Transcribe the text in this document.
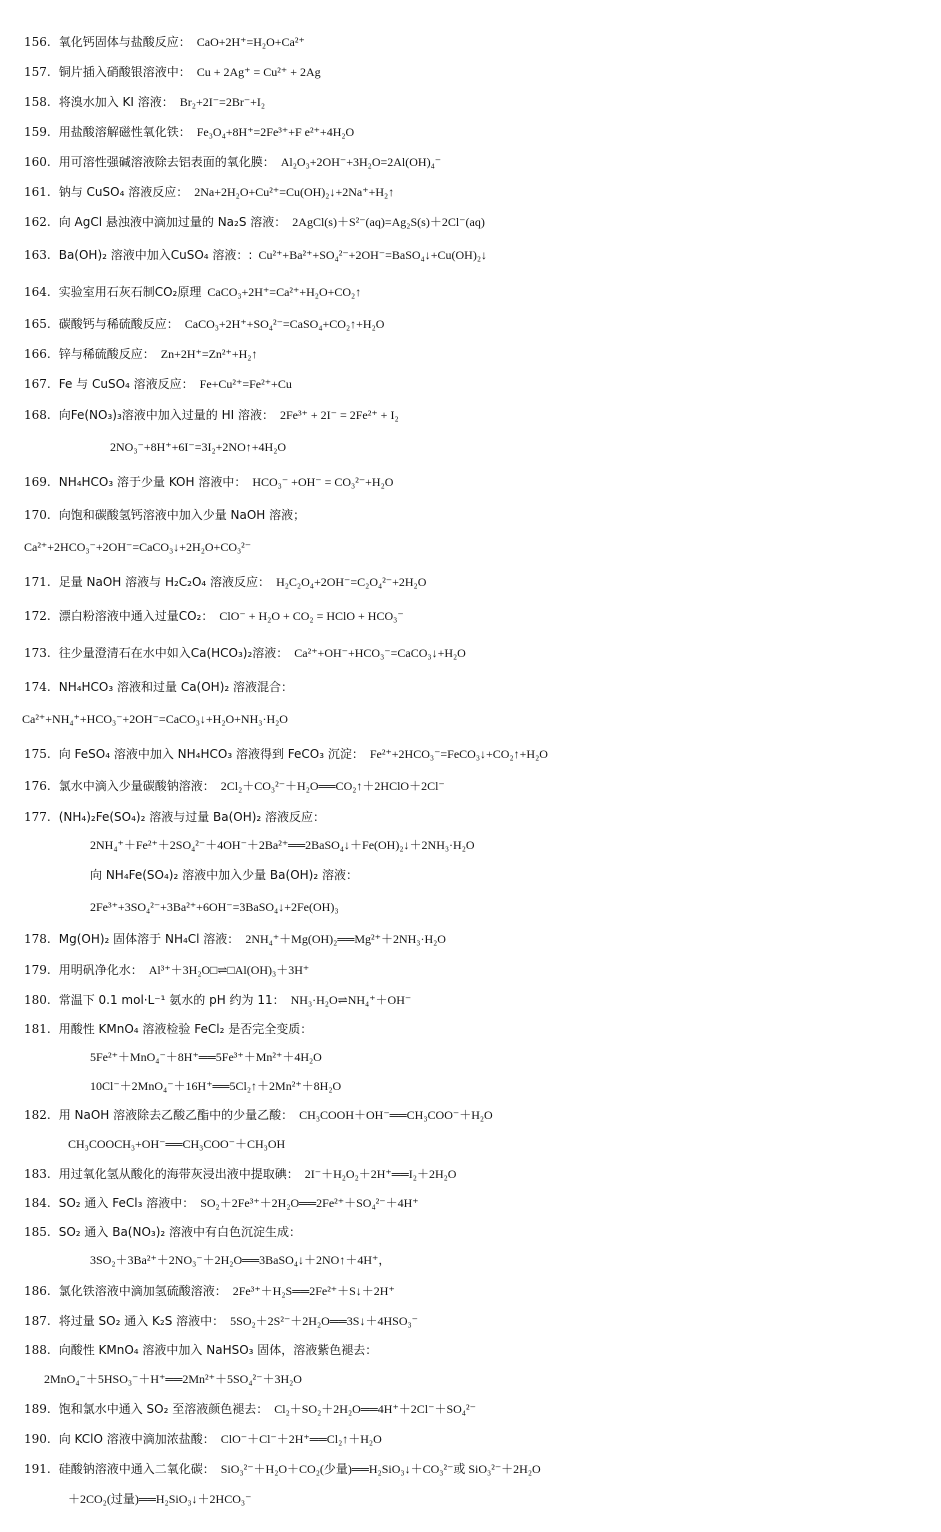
156. 氧化钙固体与盐酸反应： CaO+2H⁺=H₂O+Ca²⁺
157. 铜片插入硝酸银溶液中： Cu + 2Ag⁺ = Cu²⁺ + 2Ag
158. 将溴水加入 KI 溶液： Br₂+2I⁻=2Br⁻+I₂
159. 用盐酸溶解磁性氧化铁： Fe₃O₄+8H⁺=2Fe³⁺+F e²⁺+4H₂O
160. 用可溶性强碱溶液除去铝表面的氧化膜： Al₂O₃+2OH⁻+3H₂O=2Al(OH)₄⁻
161. 钠与 CuSO₄ 溶液反应： 2Na+2H₂O+Cu²⁺=Cu(OH)₂↓+2Na⁺+H₂↑
162. 向 AgCl 悬浊液中滴加过量的 Na₂S 溶液： 2AgCl(s)＋S²⁻(aq)=Ag₂S(s)＋2Cl⁻(aq)
163. Ba(OH)₂ 溶液中加入CuSO₄ 溶液：: Cu²⁺+Ba²⁺+SO₄²⁻+2OH⁻=BaSO₄↓+Cu(OH)₂↓
164. 实验室用石灰石制CO₂原理 CaCO₃+2H⁺=Ca²⁺+H₂O+CO₂↑
165. 碳酸钙与稀硫酸反应： CaCO₃+2H⁺+SO₄²⁻=CaSO₄+CO₂↑+H₂O
166. 锌与稀硫酸反应： Zn+2H⁺=Zn²⁺+H₂↑
167. Fe 与 CuSO₄ 溶液反应： Fe+Cu²⁺=Fe²⁺+Cu
168. 向Fe(NO₃)₃溶液中加入过量的 HI 溶液： 2Fe³⁺ + 2I⁻ = 2Fe²⁺ + I₂
2NO₃⁻+8H⁺+6I⁻=3I₂+2NO↑+4H₂O
169. NH₄HCO₃ 溶于少量 KOH 溶液中： HCO₃⁻ +OH⁻ = CO₃²⁻+H₂O
170. 向饱和碳酸氢钙溶液中加入少量 NaOH 溶液；
Ca²⁺+2HCO₃⁻+2OH⁻=CaCO₃↓+2H₂O+CO₃²⁻
171. 足量 NaOH 溶液与 H₂C₂O₄ 溶液反应： H₂C₂O₄+2OH⁻=C₂O₄²⁻+2H₂O
172. 漂白粉溶液中通入过量CO₂： ClO⁻ + H₂O + CO₂ = HClO + HCO₃⁻
173. 往少量澄清石在水中如入Ca(HCO₃)₂溶液： Ca²⁺+OH⁻+HCO₃⁻=CaCO₃↓+H₂O
174. NH₄HCO₃ 溶液和过量 Ca(OH)₂ 溶液混合：
Ca²⁺+NH₄⁺+HCO₃⁻+2OH⁻=CaCO₃↓+H₂O+NH₃·H₂O
175. 向 FeSO₄ 溶液中加入 NH₄HCO₃ 溶液得到 FeCO₃ 沉淀： Fe²⁺+2HCO₃⁻=FeCO₃↓+CO₂↑+H₂O
176. 氯水中滴入少量碳酸钠溶液： 2Cl₂＋CO₃²⁻＋H₂O══CO₂↑＋2HClO＋2Cl⁻
177. (NH₄)₂Fe(SO₄)₂ 溶液与过量 Ba(OH)₂ 溶液反应：
2NH₄⁺＋Fe²⁺＋2SO₄²⁻＋4OH⁻＋2Ba²⁺══2BaSO₄↓＋Fe(OH)₂↓＋2NH₃·H₂O
向 NH₄Fe(SO₄)₂ 溶液中加入少量 Ba(OH)₂ 溶液：
2Fe³⁺+3SO₄²⁻+3Ba²⁺+6OH⁻=3BaSO₄↓+2Fe(OH)₃
178. Mg(OH)₂ 固体溶于 NH₄Cl 溶液： 2NH₄⁺＋Mg(OH)₂══Mg²⁺＋2NH₃·H₂O
179. 用明矾净化水： Al³⁺＋3H₂O□⇌□Al(OH)₃＋3H⁺
180. 常温下 0.1 mol·L⁻¹ 氨水的 pH 约为 11： NH₃·H₂O⇌NH₄⁺＋OH⁻
181. 用酸性 KMnO₄ 溶液检验 FeCl₂ 是否完全变质：
5Fe²⁺＋MnO₄⁻＋8H⁺══5Fe³⁺＋Mn²⁺＋4H₂O
10Cl⁻＋2MnO₄⁻＋16H⁺══5Cl₂↑＋2Mn²⁺＋8H₂O
182. 用 NaOH 溶液除去乙酸乙酯中的少量乙酸： CH₃COOH＋OH⁻══CH₃COO⁻＋H₂O
CH₃COOCH₃+OH⁻══CH₃COO⁻＋CH₃OH
183. 用过氧化氢从酸化的海带灰浸出液中提取碘： 2I⁻＋H₂O₂＋2H⁺══I₂＋2H₂O
184. SO₂ 通入 FeCl₃ 溶液中： SO₂＋2Fe³⁺＋2H₂O══2Fe²⁺＋SO₄²⁻＋4H⁺
185. SO₂ 通入 Ba(NO₃)₂ 溶液中有白色沉淀生成：
3SO₂＋3Ba²⁺＋2NO₃⁻＋2H₂O══3BaSO₄↓＋2NO↑＋4H⁺，
186. 氯化铁溶液中滴加氢硫酸溶液： 2Fe³⁺＋H₂S══2Fe²⁺＋S↓＋2H⁺
187. 将过量 SO₂ 通入 K₂S 溶液中： 5SO₂＋2S²⁻＋2H₂O══3S↓＋4HSO₃⁻
188. 向酸性 KMnO₄ 溶液中加入 NaHSO₃ 固体，溶液紫色褪去：
2MnO₄⁻＋5HSO₃⁻＋H⁺══2Mn²⁺＋5SO₄²⁻＋3H₂O
189. 饱和氯水中通入 SO₂ 至溶液颜色褪去： Cl₂＋SO₂＋2H₂O══4H⁺＋2Cl⁻＋SO₄²⁻
190. 向 KClO 溶液中滴加浓盐酸： ClO⁻＋Cl⁻＋2H⁺══Cl₂↑＋H₂O
191. 硅酸钠溶液中通入二氧化碳： SiO₃²⁻＋H₂O＋CO₂(少量)══H₂SiO₃↓＋CO₃²⁻或 SiO₃²⁻＋2H₂O
＋2CO₂(过量)══H₂SiO₃↓＋2HCO₃⁻
